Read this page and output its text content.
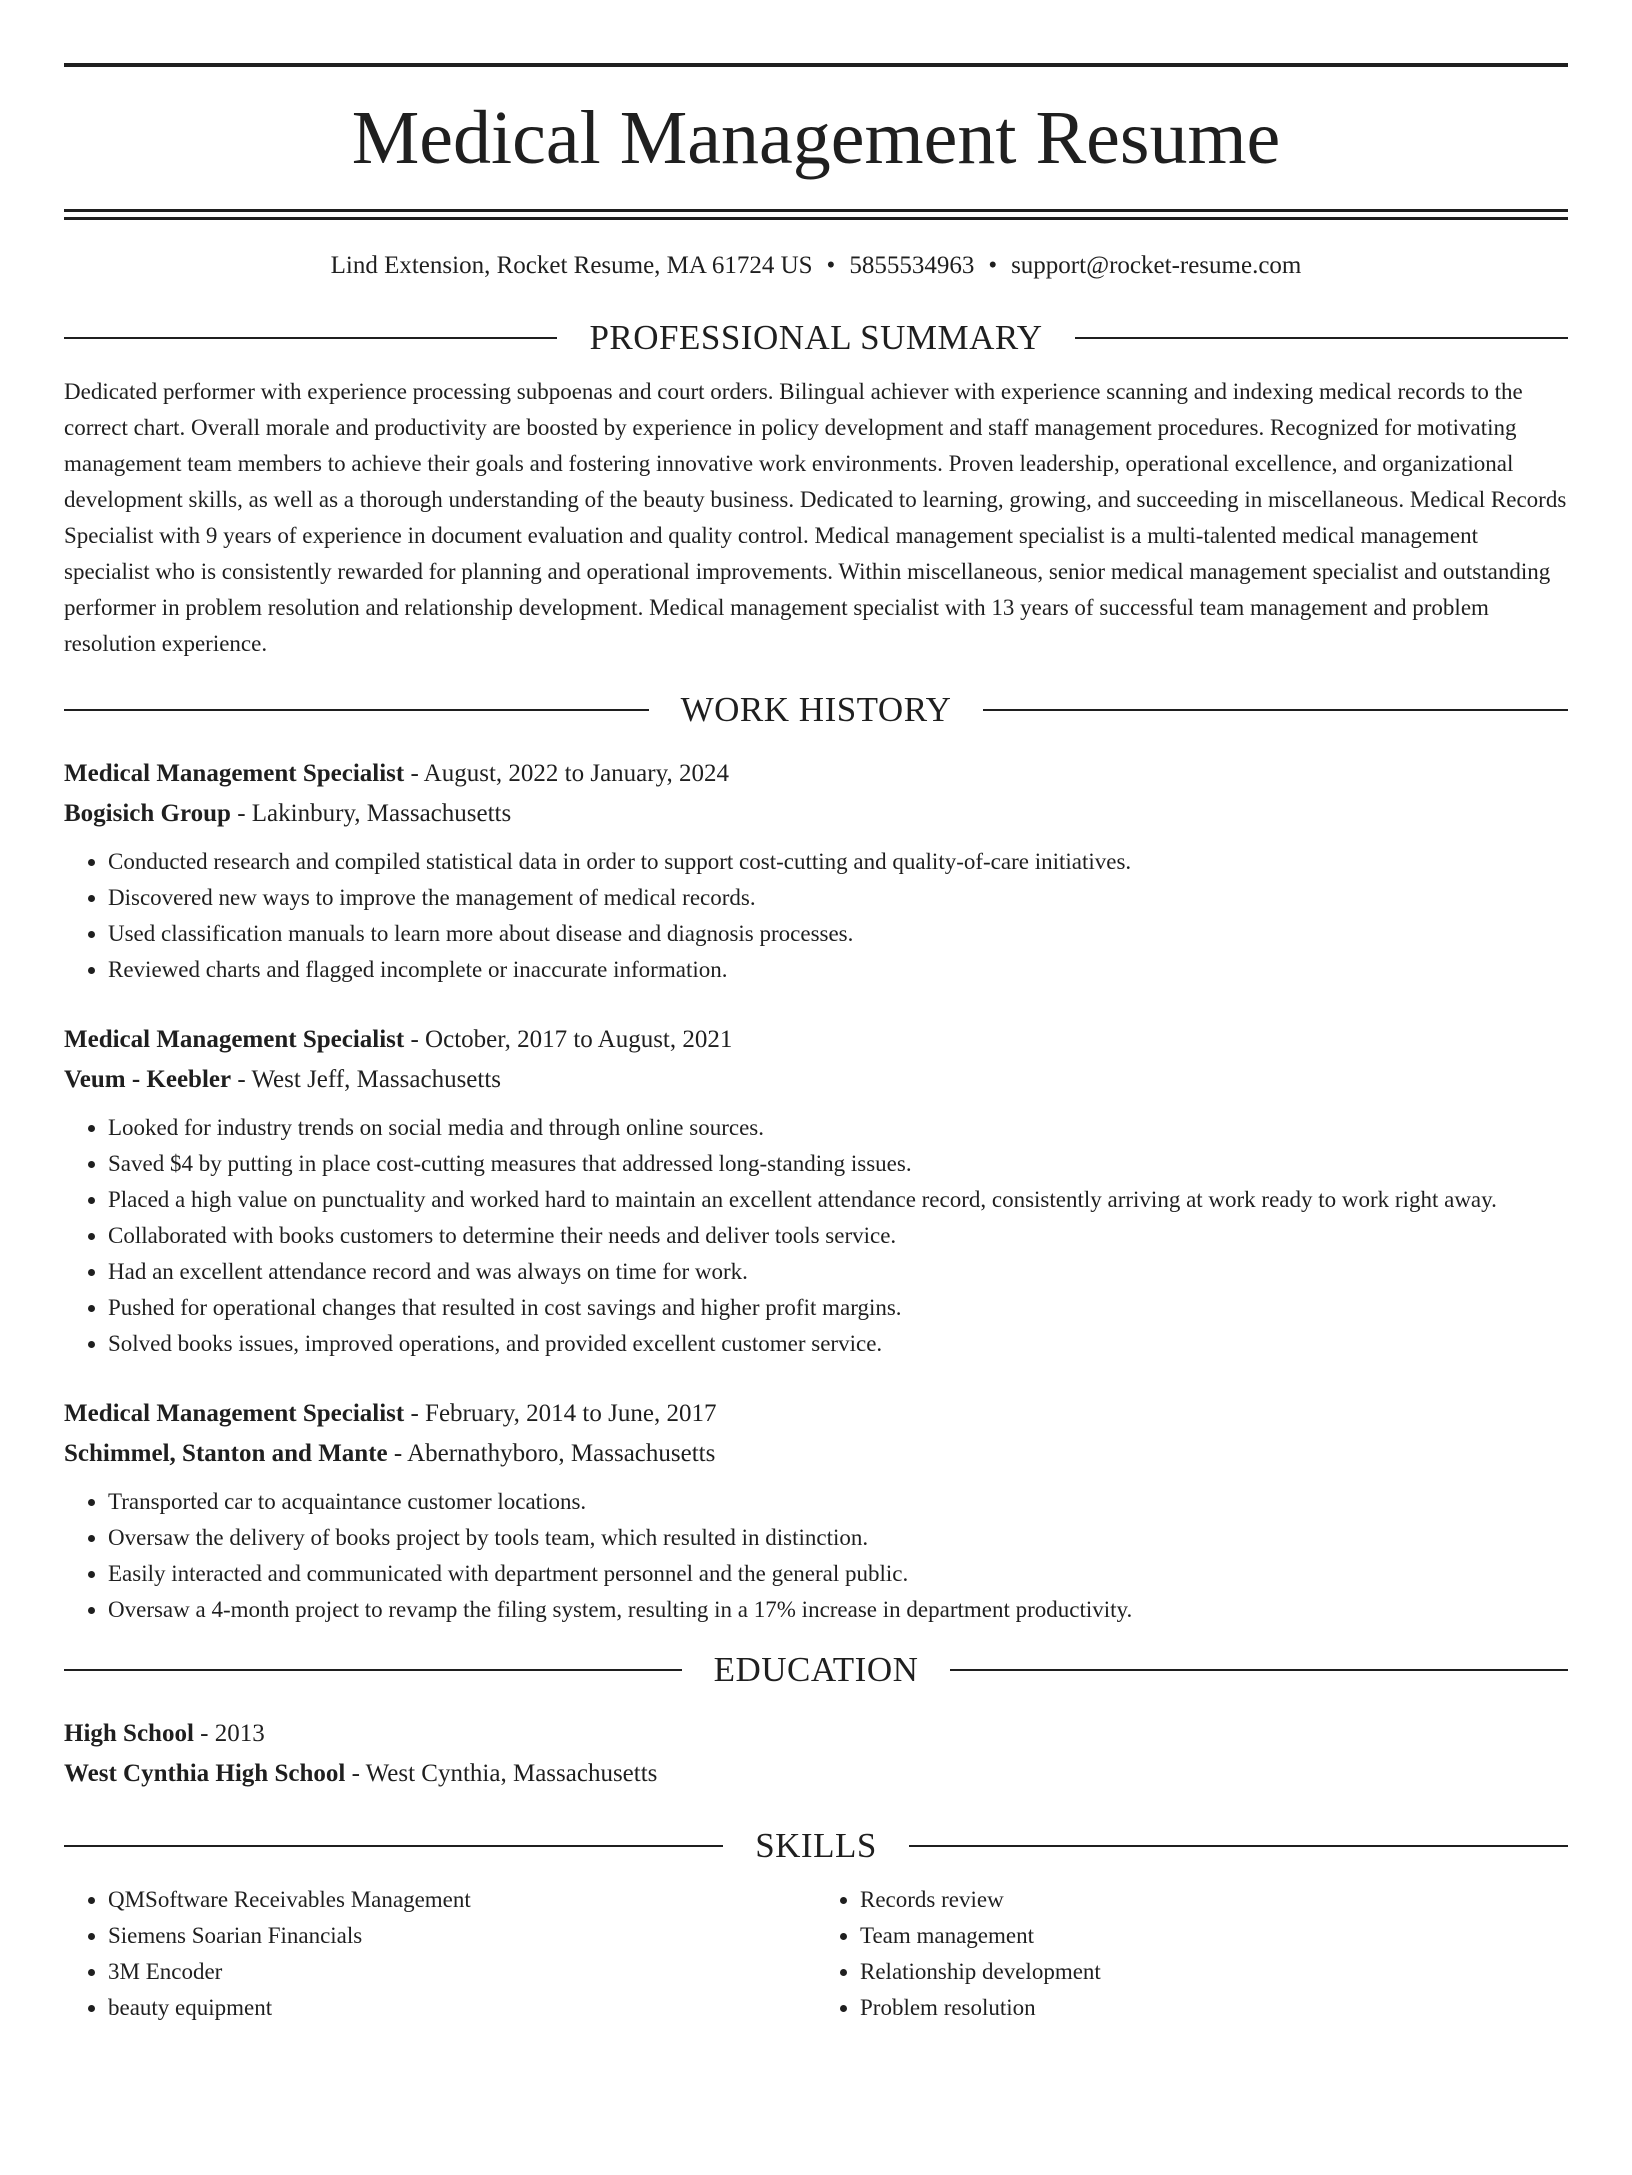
Medical Management Resume
Lind Extension, Rocket Resume, MA 61724 US • 5855534963 • support@rocket-resume.com
PROFESSIONAL SUMMARY

Dedicated performer with experience processing subpoenas and court orders. Bilingual achiever with experience scanning and indexing medical records to the correct chart. Overall morale and productivity are boosted by experience in policy development and staff management procedures. Recognized for motivating management team members to achieve their goals and fostering innovative work environments. Proven leadership, operational excellence, and organizational development skills, as well as a thorough understanding of the beauty business. Dedicated to learning, growing, and succeeding in miscellaneous. Medical Records Specialist with 9 years of experience in document evaluation and quality control. Medical management specialist is a multi-talented medical management specialist who is consistently rewarded for planning and operational improvements. Within miscellaneous, senior medical management specialist and outstanding performer in problem resolution and relationship development. Medical management specialist with 13 years of successful team management and problem resolution experience.

WORK HISTORY
Medical Management Specialist - August, 2022 to January, 2024
Bogisich Group - Lakinbury, Massachusetts
• Conducted research and compiled statistical data in order to support cost-cutting and quality-of-care initiatives.
• Discovered new ways to improve the management of medical records.
• Used classification manuals to learn more about disease and diagnosis processes.
• Reviewed charts and flagged incomplete or inaccurate information.
Medical Management Specialist - October, 2017 to August, 2021
Veum - Keebler - West Jeff, Massachusetts
• Looked for industry trends on social media and through online sources.
• Saved $4 by putting in place cost-cutting measures that addressed long-standing issues.
• Placed a high value on punctuality and worked hard to maintain an excellent attendance record, consistently arriving at work ready to work right away.
• Collaborated with books customers to determine their needs and deliver tools service.
• Had an excellent attendance record and was always on time for work.
• Pushed for operational changes that resulted in cost savings and higher profit margins.
• Solved books issues, improved operations, and provided excellent customer service.
Medical Management Specialist - February, 2014 to June, 2017
Schimmel, Stanton and Mante - Abernathyboro, Massachusetts
• Transported car to acquaintance customer locations.
• Oversaw the delivery of books project by tools team, which resulted in distinction.
• Easily interacted and communicated with department personnel and the general public.
• Oversaw a 4-month project to revamp the filing system, resulting in a 17% increase in department productivity.
EDUCATION
High School - 2013
West Cynthia High School - West Cynthia, Massachusetts
SKILLS
• QMSoftware Receivables Management
• Siemens Soarian Financials
• 3M Encoder
• beauty equipment
• Records review
• Team management
• Relationship development
• Problem resolution
